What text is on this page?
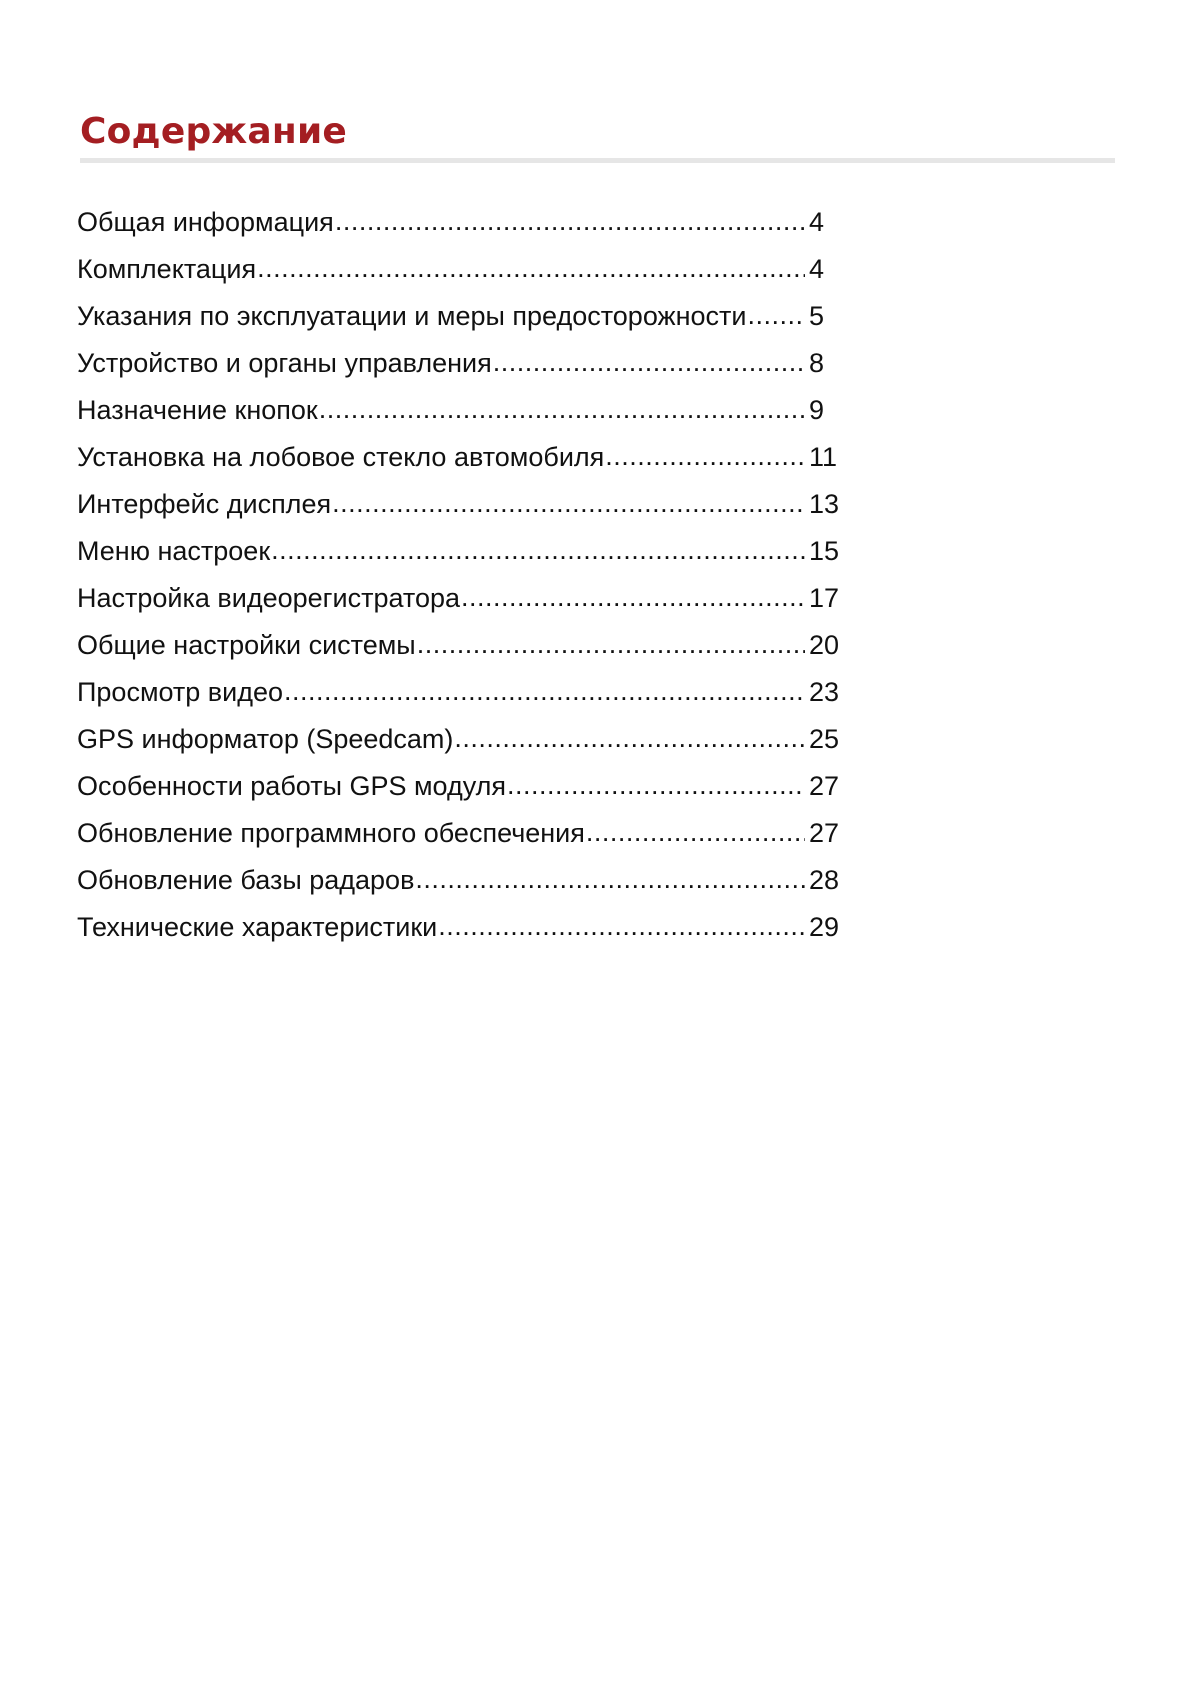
Содержание
Общая информация .....	4
Комплектация .....	4
Указания по эксплуатации и меры предосторожности ..... 5
Устройство и органы управления .....	8
Назначение кнопок .....	9
Установка на лобовое стекло автомобиля .....	11
Интерфейс дисплея .....	13
Меню настроек .....	15
Настройка видеорегистратора .....	17
Общие настройки системы .....	20
Просмотр видео .....	23
GPS информатор (Speedcam) .....	25
Особенности работы GPS модуля .....	27
Обновление программного обеспечения .....	27
Обновление базы радаров .....	28
Технические характеристики .....	29
